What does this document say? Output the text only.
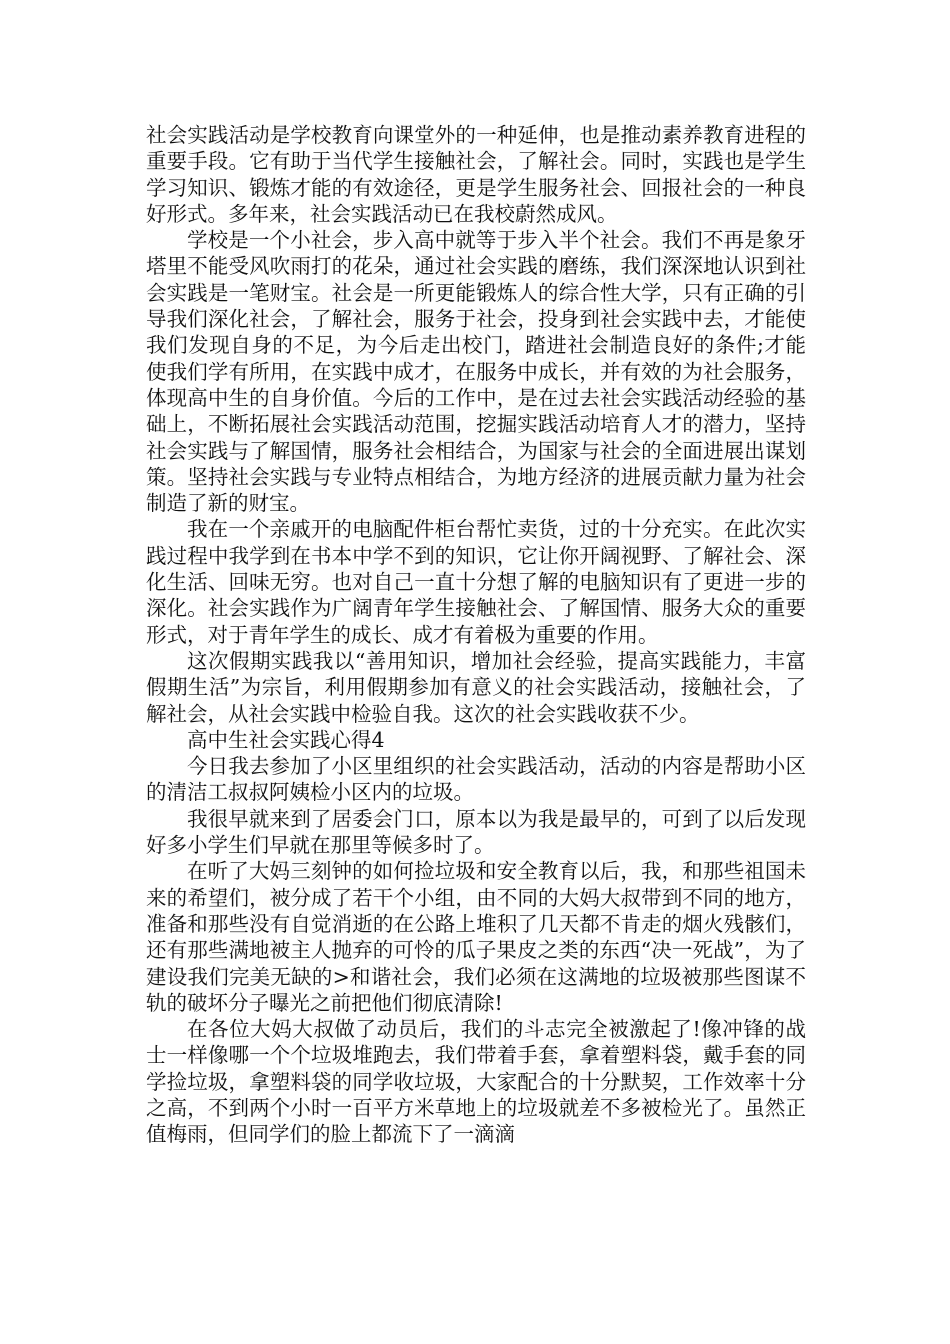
社会实践活动是学校教育向课堂外的一种延伸，也是推动素养教育进程的重要手段。它有助于当代学生接触社会，了解社会。同时，实践也是学生学习知识、锻炼才能的有效途径，更是学生服务社会、回报社会的一种良好形式。多年来，社会实践活动已在我校蔚然成风。

学校是一个小社会，步入高中就等于步入半个社会。我们不再是象牙塔里不能受风吹雨打的花朵，通过社会实践的磨练，我们深深地认识到社会实践是一笔财宝。社会是一所更能锻炼人的综合性大学，只有正确的引导我们深化社会，了解社会，服务于社会，投身到社会实践中去，才能使我们发现自身的不足，为今后走出校门，踏进社会制造良好的条件;才能使我们学有所用，在实践中成才，在服务中成长，并有效的为社会服务，体现高中生的自身价值。今后的工作中，是在过去社会实践活动经验的基础上，不断拓展社会实践活动范围，挖掘实践活动培育人才的潜力，坚持社会实践与了解国情，服务社会相结合，为国家与社会的全面进展出谋划策。坚持社会实践与专业特点相结合，为地方经济的进展贡献力量为社会制造了新的财宝。

我在一个亲戚开的电脑配件柜台帮忙卖货，过的十分充实。在此次实践过程中我学到在书本中学不到的知识，它让你开阔视野、了解社会、深化生活、回味无穷。也对自己一直十分想了解的电脑知识有了更进一步的深化。社会实践作为广阔青年学生接触社会、了解国情、服务大众的重要形式，对于青年学生的成长、成才有着极为重要的作用。

这次假期实践我以“善用知识，增加社会经验，提高实践能力，丰富假期生活”为宗旨，利用假期参加有意义的社会实践活动，接触社会，了解社会，从社会实践中检验自我。这次的社会实践收获不少。

高中生社会实践心得4

今日我去参加了小区里组织的社会实践活动，活动的内容是帮助小区的清洁工叔叔阿姨检小区内的垃圾。

我很早就来到了居委会门口，原本以为我是最早的，可到了以后发现好多小学生们早就在那里等候多时了。

在听了大妈三刻钟的如何捡垃圾和安全教育以后，我，和那些祖国未来的希望们，被分成了若干个小组，由不同的大妈大叔带到不同的地方，准备和那些没有自觉消逝的在公路上堆积了几天都不肯走的烟火残骸们，还有那些满地被主人抛弃的可怜的瓜子果皮之类的东西“决一死战”，为了建设我们完美无缺的>和谐社会，我们必须在这满地的垃圾被那些图谋不轨的破坏分子曝光之前把他们彻底清除!

在各位大妈大叔做了动员后，我们的斗志完全被激起了!像冲锋的战士一样像哪一个个垃圾堆跑去，我们带着手套，拿着塑料袋，戴手套的同学捡垃圾，拿塑料袋的同学收垃圾，大家配合的十分默契，工作效率十分之高，不到两个小时一百平方米草地上的垃圾就差不多被检光了。虽然正值梅雨，但同学们的脸上都流下了一滴滴
